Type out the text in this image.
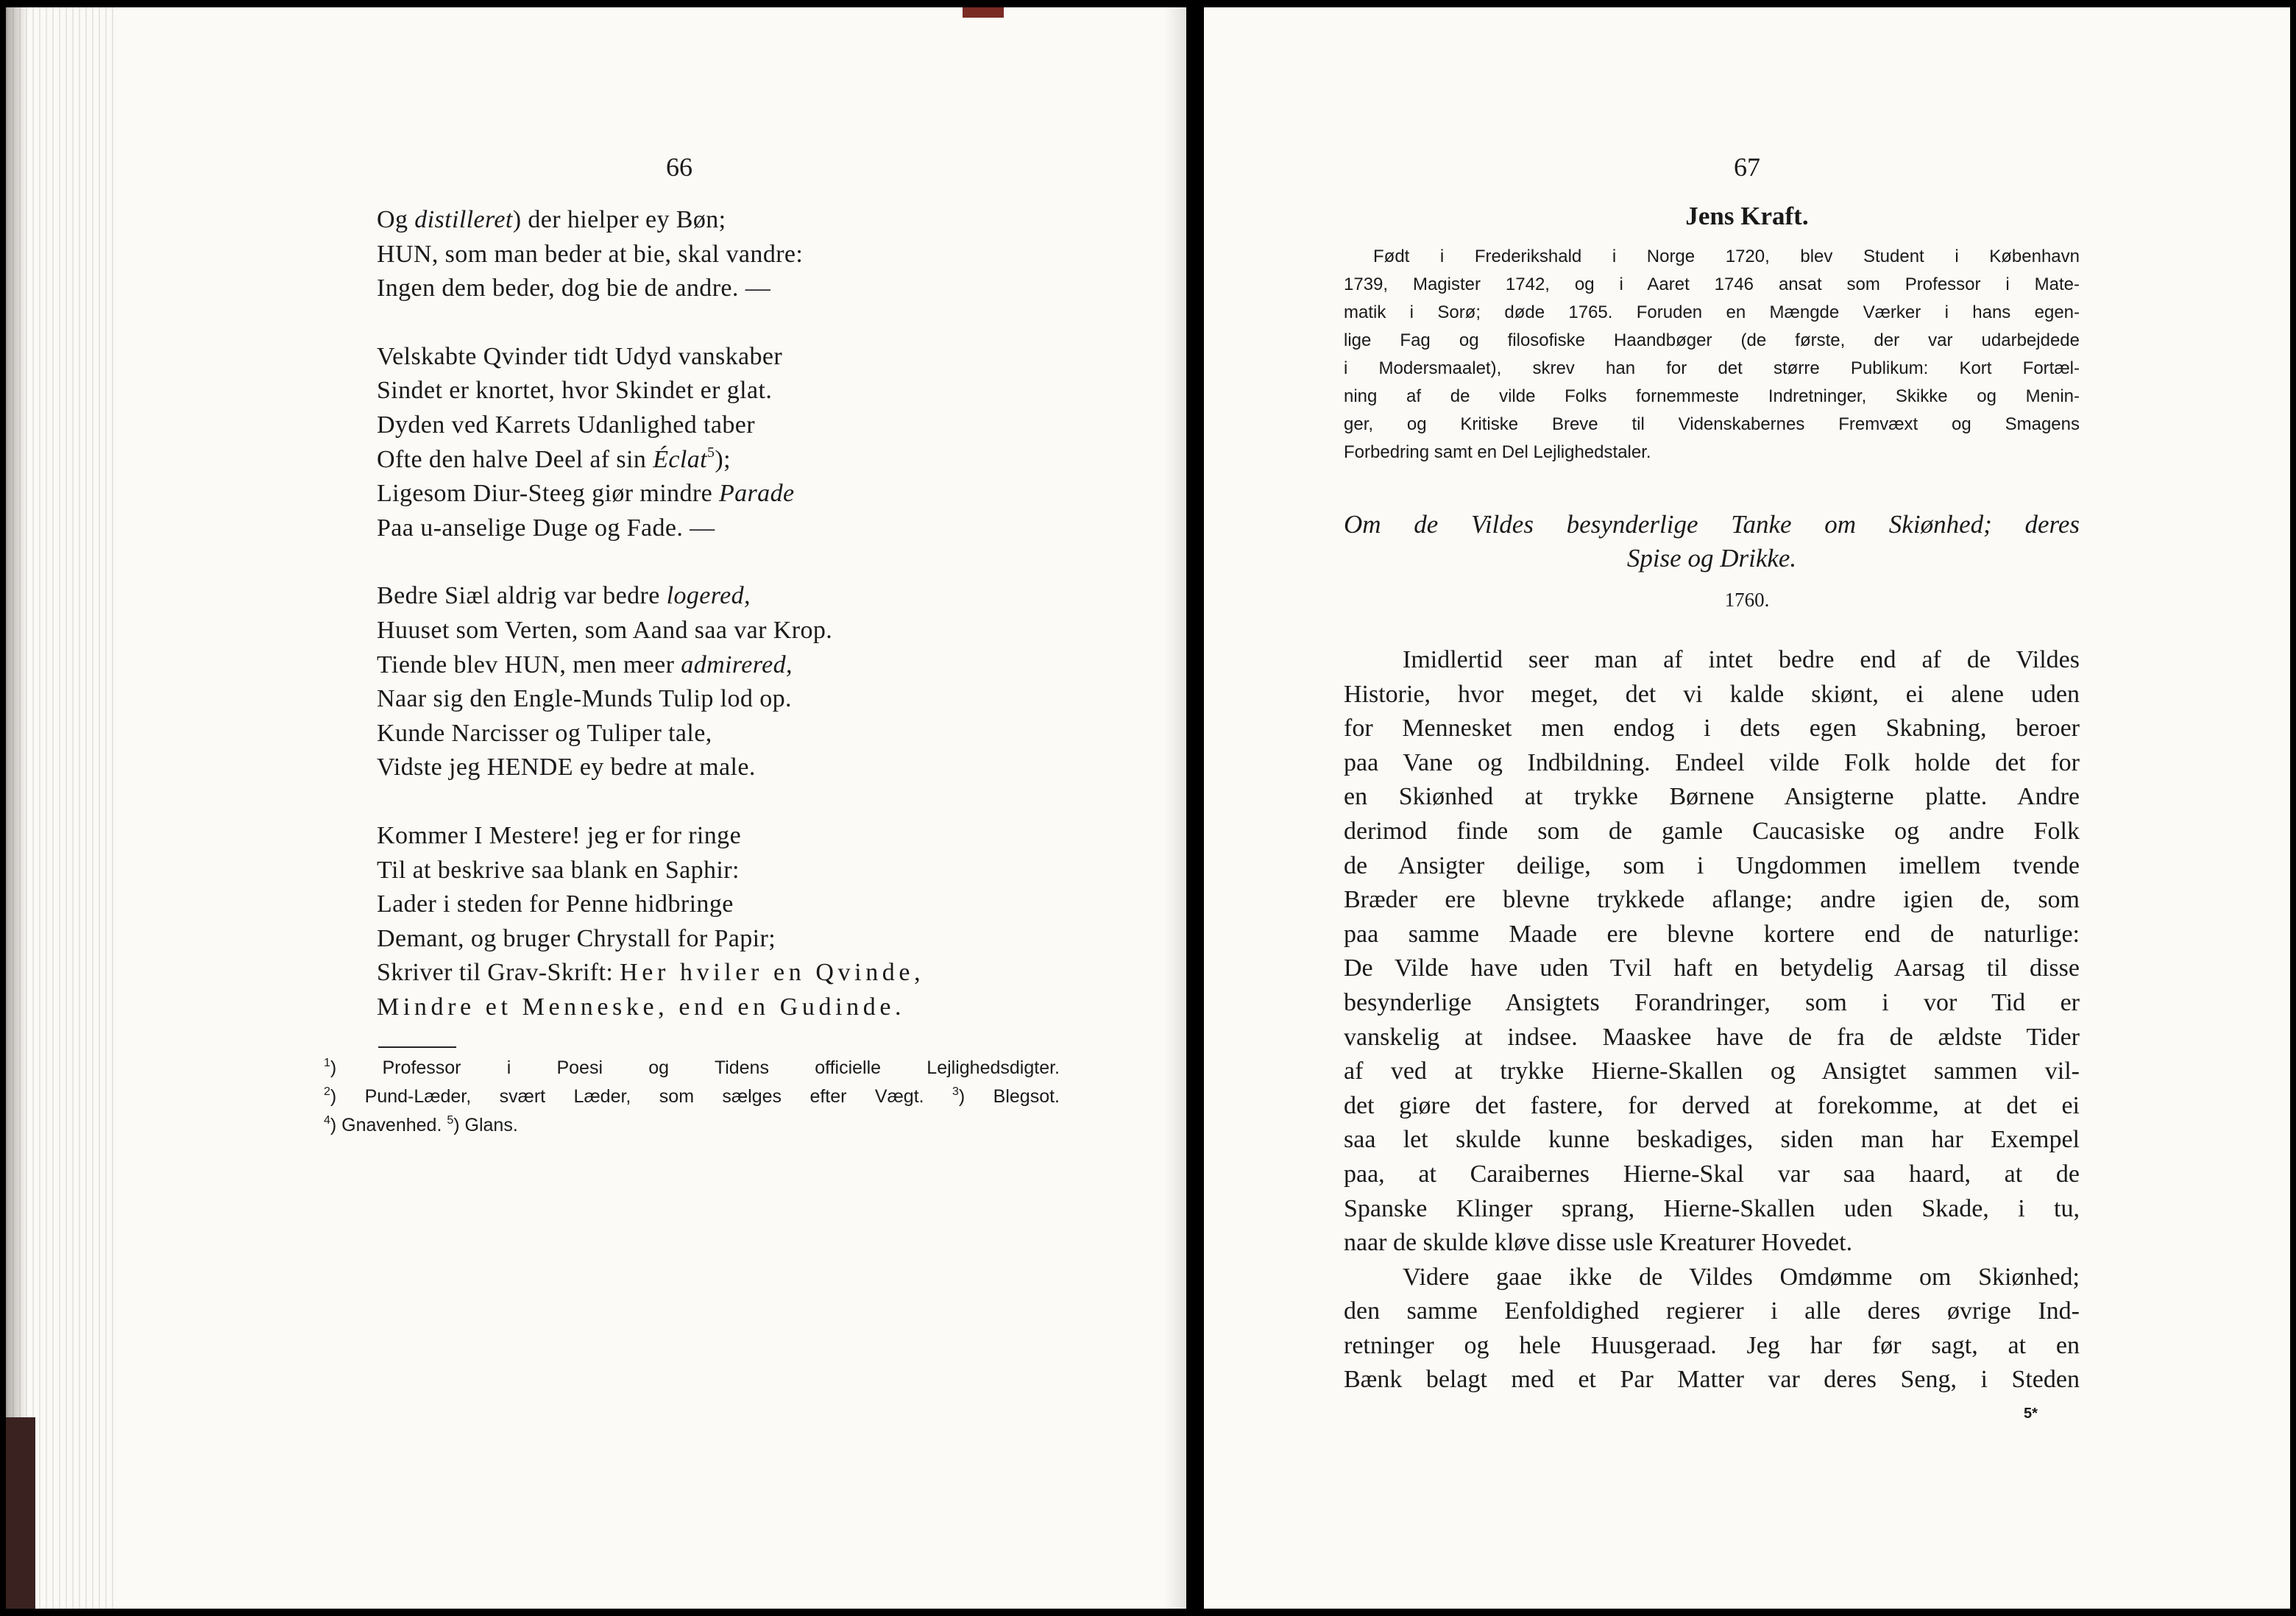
66
Og distilleret) der hielper ey Bøn;
HUN, som man beder at bie, skal vandre:
Ingen dem beder, dog bie de andre. —
Velskabte Qvinder tidt Udyd vanskaber
Sindet er knortet, hvor Skindet er glat.
Dyden ved Karrets Udanlighed taber
Ofte den halve Deel af sin Éclat$^5$);
Ligesom Diur-Steeg giør mindre Parade
Paa u-anselige Duge og Fade. —
Bedre Siæl aldrig var bedre logered,
Huuset som Verten, som Aand saa var Krop.
Tiende blev HUN, men meer admirered,
Naar sig den Engle-Munds Tulip lod op.
Kunde Narcisser og Tuliper tale,
Vidste jeg HENDE ey bedre at male.
Kommer I Mestere! jeg er for ringe
Til at beskrive saa blank en Saphir:
Lader i steden for Penne hidbringe
Demant, og bruger Chrystall for Papir;
Skriver til Grav-Skrift: Her hviler en Qvinde,
Mindre et Menneske, end en Gudinde.
$^1$) Professor i Poesi og Tidens officielle Lejlighedsdigter.
$^2$) Pund-Læder, svært Læder, som sælges efter Vægt. $^3$) Blegsot.
$^4$) Gnavenhed. $^5$) Glans.
67
Jens Kraft.
Født i Frederikshald i Norge 1720, blev Student i København
1739, Magister 1742, og i Aaret 1746 ansat som Professor i Mate-
matik i Sorø; døde 1765. Foruden en Mængde Værker i hans egen-
lige Fag og filosofiske Haandbøger (de første, der var udarbejdede
i Modersmaalet), skrev han for det større Publikum: Kort Fortæl-
ning af de vilde Folks fornemmeste Indretninger, Skikke og Menin-
ger, og Kritiske Breve til Videnskabernes Fremvæxt og Smagens
Forbedring samt en Del Lejlighedstaler.
Om de Vildes besynderlige Tanke om Skiønhed; deres
Spise og Drikke.
1760.
Imidlertid seer man af intet bedre end af de Vildes
Historie, hvor meget, det vi kalde skiønt, ei alene uden
for Mennesket men endog i dets egen Skabning, beroer
paa Vane og Indbildning. Endeel vilde Folk holde det for
en Skiønhed at trykke Børnene Ansigterne platte. Andre
derimod finde som de gamle Caucasiske og andre Folk
de Ansigter deilige, som i Ungdommen imellem tvende
Bræder ere blevne trykkede aflange; andre igien de, som
paa samme Maade ere blevne kortere end de naturlige:
De Vilde have uden Tvil haft en betydelig Aarsag til disse
besynderlige Ansigtets Forandringer, som i vor Tid er
vanskelig at indsee. Maaskee have de fra de ældste Tider
af ved at trykke Hierne-Skallen og Ansigtet sammen vil-
det giøre det fastere, for derved at forekomme, at det ei
saa let skulde kunne beskadiges, siden man har Exempel
paa, at Caraibernes Hierne-Skal var saa haard, at de
Spanske Klinger sprang, Hierne-Skallen uden Skade, i tu,
naar de skulde kløve disse usle Kreaturer Hovedet.
Videre gaae ikke de Vildes Omdømme om Skiønhed;
den samme Eenfoldighed regierer i alle deres øvrige Ind-
retninger og hele Huusgeraad. Jeg har før sagt, at en
Bænk belagt med et Par Matter var deres Seng, i Steden
5*
